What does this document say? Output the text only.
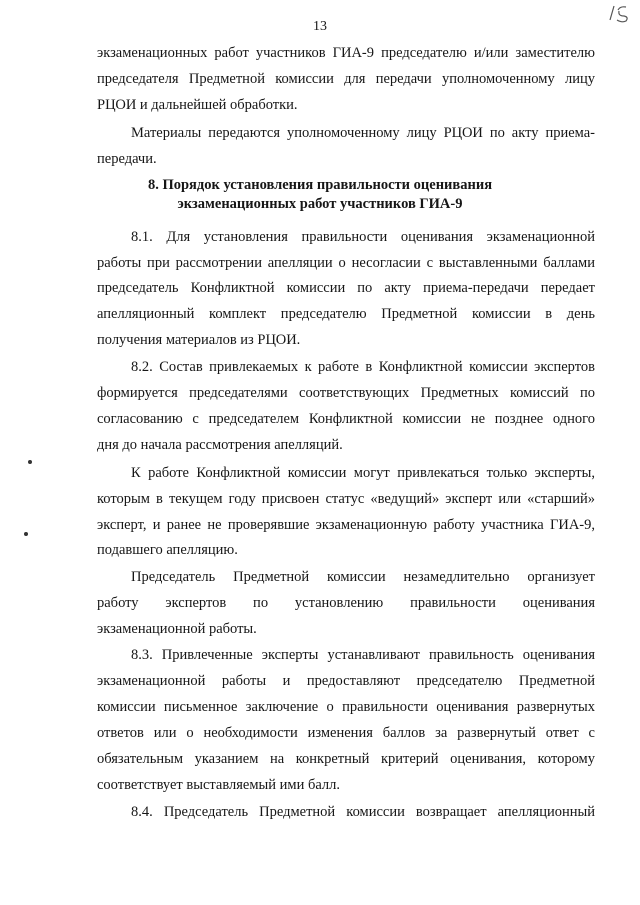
13
экзаменационных работ участников ГИА-9 председателю и/или заместителю
председателя Предметной комиссии для передачи уполномоченному лицу
РЦОИ и дальнейшей обработки.
Материалы передаются уполномоченному лицу РЦОИ по акту приема-
передачи.
8. Порядок установления правильности оценивания
экзаменационных работ участников ГИА-9
8.1. Для установления правильности оценивания экзаменационной
работы при рассмотрении апелляции о несогласии с выставленными баллами
председатель Конфликтной комиссии по акту приема-передачи передает
апелляционный комплект председателю Предметной комиссии в день
получения материалов из РЦОИ.
8.2. Состав привлекаемых к работе в Конфликтной комиссии экспертов
формируется председателями соответствующих Предметных комиссий по
согласованию с председателем Конфликтной комиссии не позднее одного
дня до начала рассмотрения апелляций.
К работе Конфликтной комиссии могут привлекаться только эксперты,
которым в текущем году присвоен статус «ведущий» эксперт или «старший»
эксперт, и ранее не проверявшие экзаменационную работу участника ГИА-9,
подавшего апелляцию.
Председатель Предметной комиссии незамедлительно организует
работу экспертов по установлению правильности оценивания
экзаменационной работы.
8.3. Привлеченные эксперты устанавливают правильность оценивания
экзаменационной работы и предоставляют председателю Предметной
комиссии письменное заключение о правильности оценивания развернутых
ответов или о необходимости изменения баллов за развернутый ответ с
обязательным указанием на конкретный критерий оценивания, которому
соответствует выставляемый ими балл.
8.4. Председатель Предметной комиссии возвращает апелляционный
